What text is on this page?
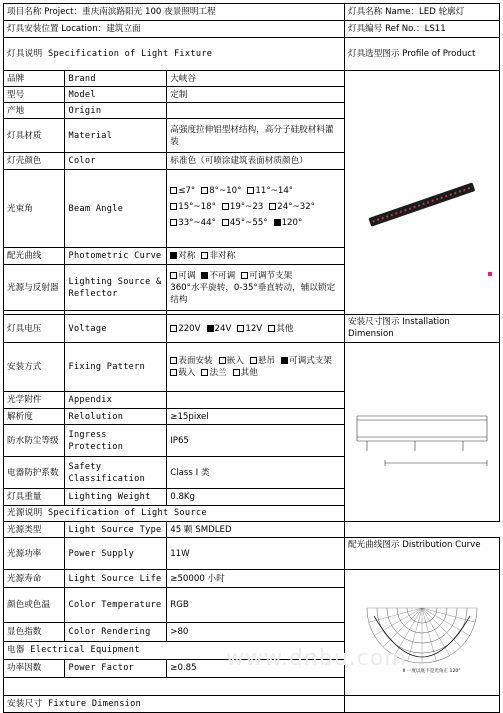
项目名称 Project：重庆南滨路阳光 100 夜景照明工程			灯具名称 Name：LED 轮廓灯
灯具安装位置 Location：建筑立面			灯具编号 Ref No.：LS11
灯具说明 Specification of Light Fixture			灯具选型图示 Profile of Product
品牌	Brand	大峡谷	

型号	Model	定制	
产地	Origin		
灯具材质	Material	高强度拉伸铝型材结构，高分子硅胶材料灌装	
灯壳颜色	Color	标准色（可喷涂建筑表面材质颜色）	
光束角	Beam Angle	≤7° 8°~10° 11°~14°
15°~18° 19°~23 24°~32°
33°~44° 45°~55° 120°	

配光曲线	Photometric Curve	对称 非对称	
光源与反射器	Lighting Source & Reflector	可调 不可调 可调节支架
360°水平旋转，0-35°垂直转动，辅以锁定结构	

灯具电压	Voltage	220V 24V 12V 其他	安装尺寸图示 Installation Dimension
安装方式	Fixing Pattern	表面安装 嵌入 悬吊 可调式支架载入 法兰 其他

光学附件	Appendix		
解析度	Relolution	≥15pixel	
防水防尘等级	Ingress Protection	IP65	
电器防护系数	Safety Classification	Class I 类	
灯具重量	Lighting Weight	0.8Kg	
光源说明 Specification of Light Source			
光源类型	Light Source Type	45 颗 SMDLED	
光源功率	Power Supply	11W	配光曲线图示 Distribution Curve
光源寿命	Light Source Life	≥50000 小时	Ⅱ 一度以底不是光角正 120°

颜色或色温	Color Temperature	RGB	
显色指数	Color Rendering	>80	
电器 Electrical Equipment			
功率因数	Power Factor	≥0.85	

安装尺寸 Fixture Dimension			
www.dnbu.com
